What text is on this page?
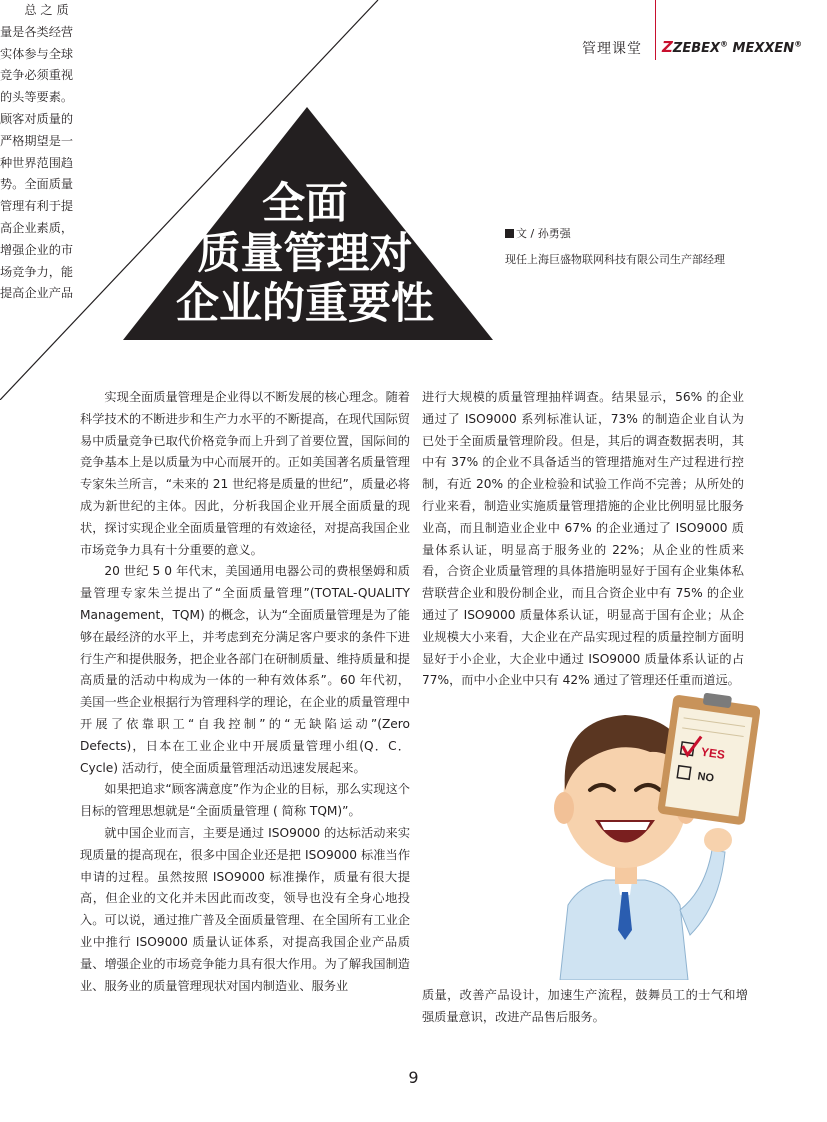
管理课堂 ZZEBEX® MEXXEN®
全面
质量管理对
企业的重要性
文 / 孙勇强
现任上海巨盛物联网科技有限公司生产部经理

实现全面质量管理是企业得以不断发展的核心理念。随着科学技术的不断进步和生产力水平的不断提高，在现代国际贸易中质量竞争已取代价格竞争而上升到了首要位置，国际间的竞争基本上是以质量为中心而展开的。正如美国著名质量管理专家朱兰所言，“未来的 21 世纪将是质量的世纪”，质量必将成为新世纪的主体。因此，分析我国企业开展全面质量的现状，探讨实现企业全面质量管理的有效途径，对提高我国企业市场竞争力具有十分重要的意义。

20 世纪 5 0 年代末，美国通用电器公司的费根堡姆和质量管理专家朱兰提出了“全面质量管理”(TOTAL-QUALITY Management，TQM) 的概念，认为“全面质量管理是为了能够在最经济的水平上，并考虑到充分满足客户要求的条件下进行生产和提供服务，把企业各部门在研制质量、维持质量和提高质量的活动中构成为一体的一种有效体系”。60 年代初，美国一些企业根据行为管理科学的理论，在企业的质量管理中开展了依靠职工“自我控制”的“无缺陷运动”(Zero Defects)，日本在工业企业中开展质量管理小组(Q．C．Cycle) 活动行，使全面质量管理活动迅速发展起来。

如果把追求“顾客满意度”作为企业的目标，那么实现这个目标的管理思想就是“全面质量管理 ( 简称 TQM)”。

就中国企业而言，主要是通过 ISO9000 的达标活动来实现质量的提高现在，很多中国企业还是把 ISO9000 标准当作申请的过程。虽然按照 ISO9000 标准操作，质量有很大提高，但企业的文化并未因此而改变，领导也没有全身心地投入。可以说，通过推广普及全面质量管理、在全国所有工业企业中推行 ISO9000 质量认证体系，对提高我国企业产品质量、增强企业的市场竞争能力具有很大作用。为了解我国制造业、服务业的质量管理现状对国内制造业、服务业

进行大规模的质量管理抽样调查。结果显示，56% 的企业通过了 ISO9000 系列标准认证，73% 的制造企业自认为已处于全面质量管理阶段。但是，其后的调查数据表明，其中有 37% 的企业不具备适当的管理措施对生产过程进行控制，有近 20% 的企业检验和试验工作尚不完善；从所处的行业来看，制造业实施质量管理措施的企业比例明显比服务业高，而且制造业企业中 67% 的企业通过了 ISO9000 质量体系认证，明显高于服务业的 22%；从企业的性质来看，合资企业质量管理的具体措施明显好于国有企业集体私营联营企业和股份制企业，而且合资企业中有 75% 的企业通过了 ISO9000 质量体系认证，明显高于国有企业；从企业规模大小来看，大企业在产品实现过程的质量控制方面明显好于小企业，大企业中通过 ISO9000 质量体系认证的占 77%，而中小企业中只有 42% 通过了管理还任重而道远。

　　总 之 质

量是各类经营

实体参与全球

竞争必须重视

的头等要素。

顾客对质量的

严格期望是一

种世界范围趋

势。全面质量

管理有利于提

高企业素质，

增强企业的市

场竞争力，能

提高企业产品

质量，改善产品设计，加速生产流程，鼓舞员工的士气和增强质量意识，改进产品售后服务。

YES
NO
9
